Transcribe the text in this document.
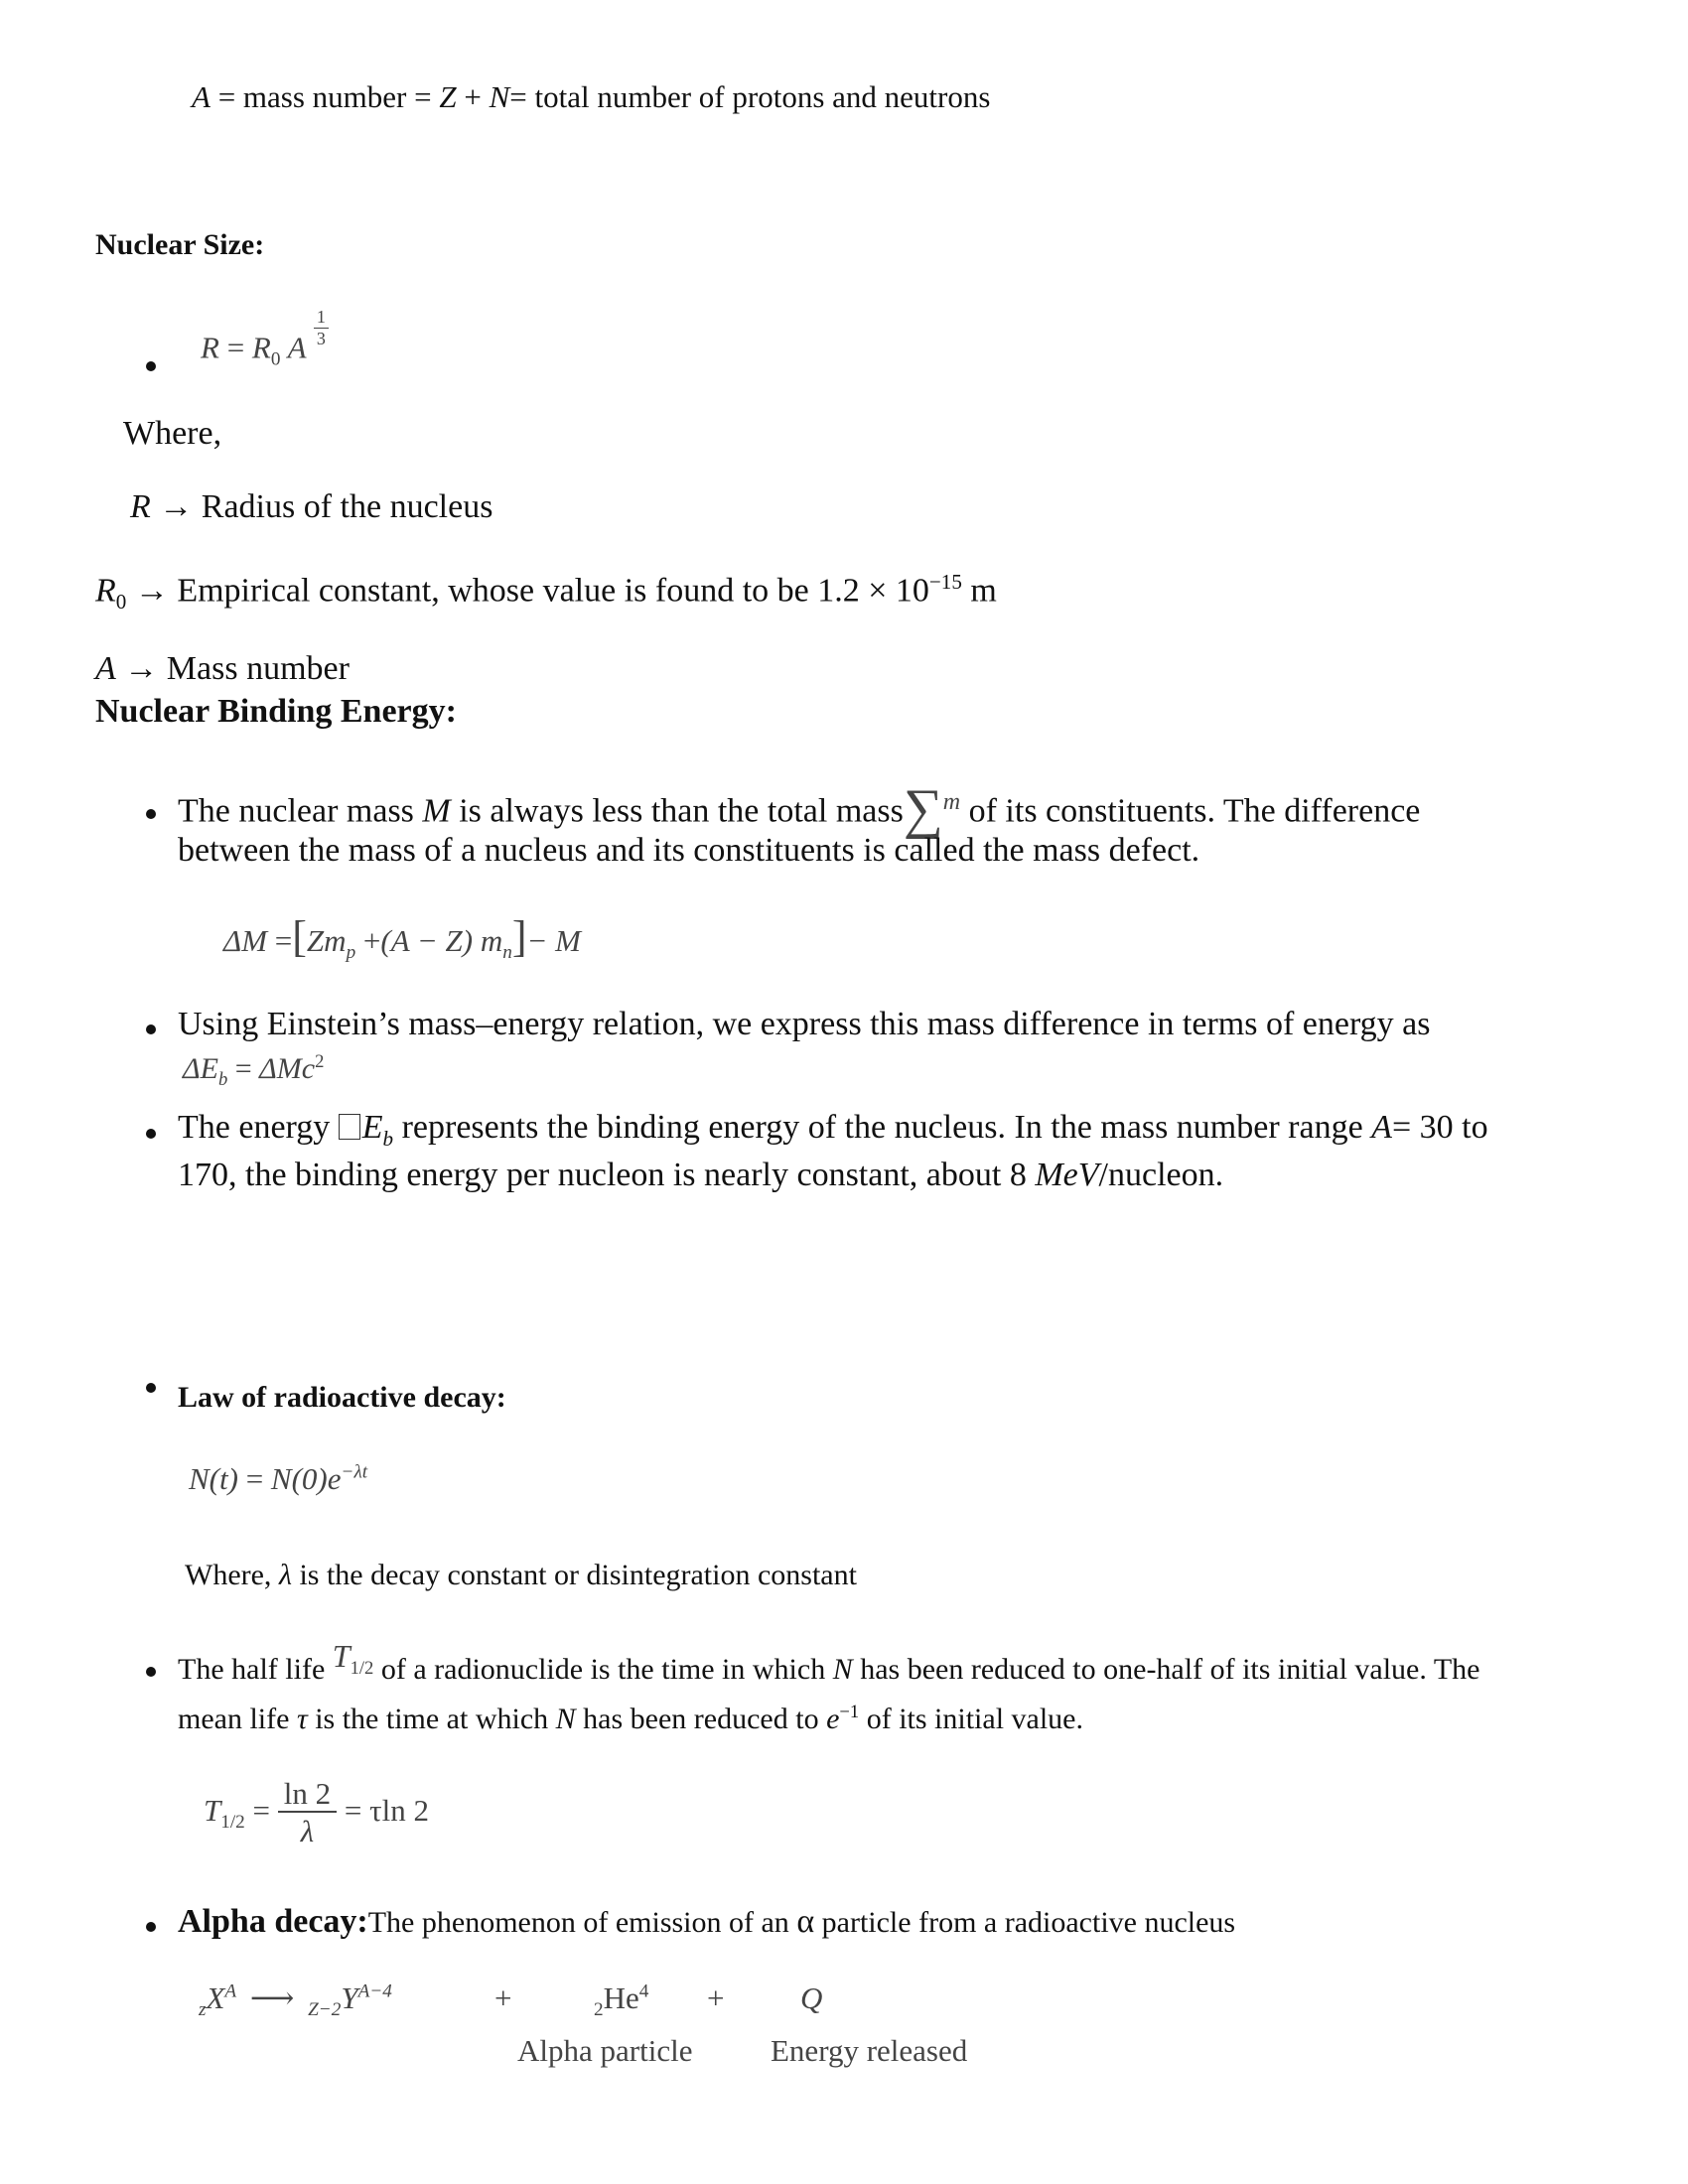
A = mass number = Z + N= total number of protons and neutrons
Nuclear Size:
$R = R_0$ A $\frac{1}{3}$
Where,
R → Radius of the nucleus
$R_0$ → Empirical constant, whose value is found to be $1.2 \times 10^{-15}$ m
A → Mass number
Nuclear Binding Energy:
The nuclear mass M is always less than the total mass∑$^m$ of its constituents. The difference
between the mass of a nucleus and its constituents is called the mass defect.
$\Delta M =[Zm_p +(A - Z)$ $m_n]- M$
Using Einstein’s mass–energy relation, we express this mass difference in terms of energy as
$\Delta E_b = \Delta Mc^2$
The energy $E_b$ represents the binding energy of the nucleus. In the mass number range A= 30 to
170, the binding energy per nucleon is nearly constant, about 8 MeV/nucleon.
Law of radioactive decay:
$N(t) = N(0)e^{-\lambda t}$
Where, λ is the decay constant or disintegration constant
The half life $T_{1/2}$ of a radionuclide is the time in which N has been reduced to one-half of its initial value. The
mean life τ is the time at which N has been reduced to $e^{-1}$ of its initial value.
$T_{1/2} = \frac{\ln 2}{\lambda} = \tau\ln$ 2
Alpha decay:The phenomenon of emission of an α particle from a radioactive nucleus
$_zX^A$ ⟶ $_{Z-2}Y^{A-4}$	+	$_2He^4 + Q$
Alpha particle	Energy released
